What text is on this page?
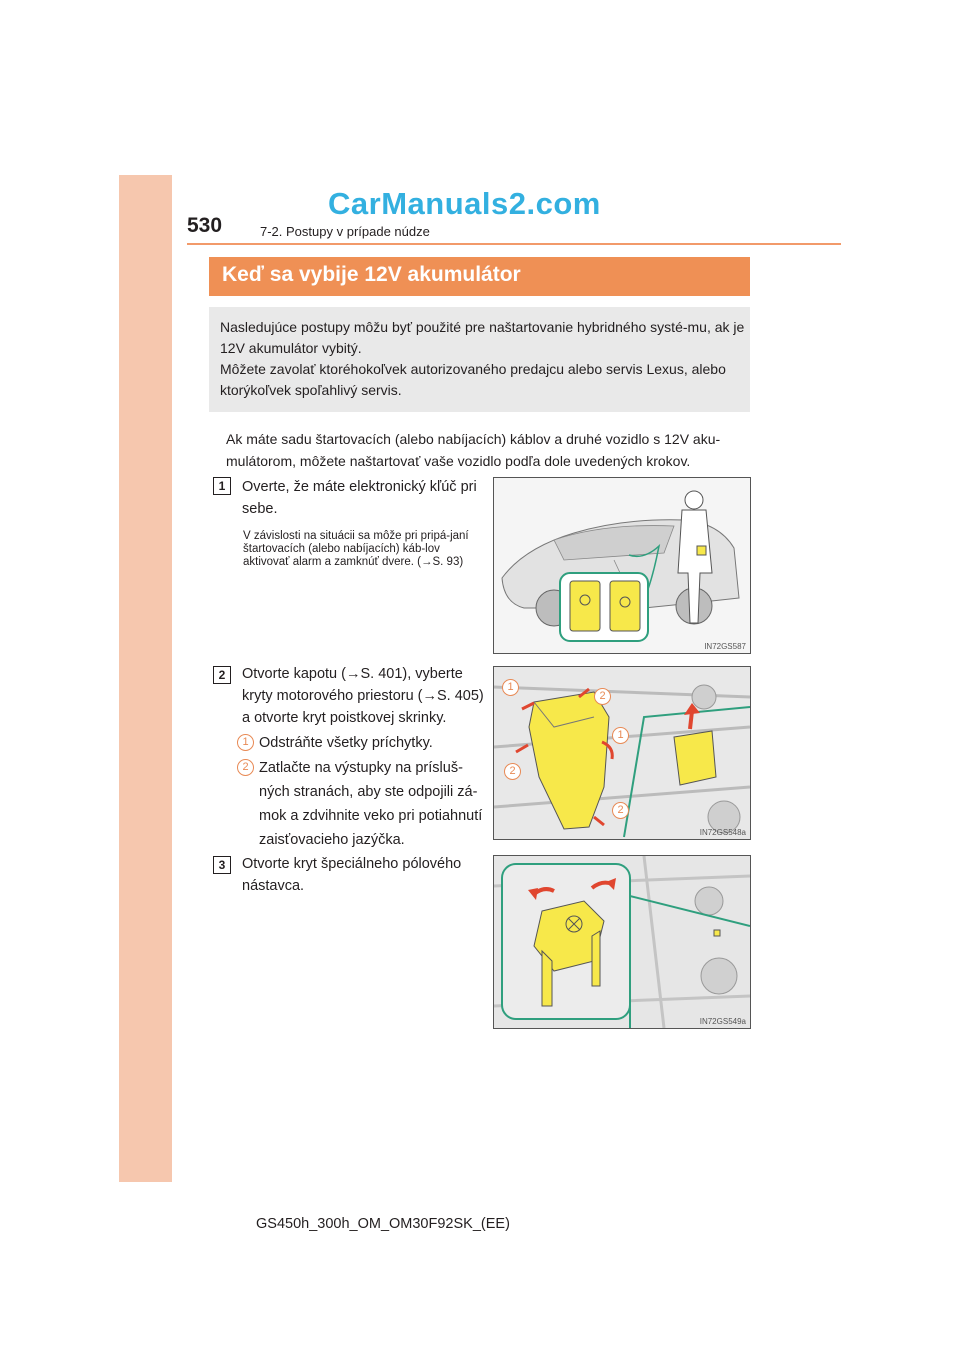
530	7-2. Postupy v prípade núdze
CarManuals2.com
Keď sa vybije 12V akumulátor
Nasledujúce postupy môžu byť použité pre naštartovanie hybridného systé-mu, ak je 12V akumulátor vybitý.
Môžete zavolať ktoréhokoľvek autorizovaného predajcu alebo servis Lexus, alebo ktorýkoľvek spoľahlivý servis.
Ak máte sadu štartovacích (alebo nabíjacích) káblov a druhé vozidlo s 12V aku-mulátorom, môžete naštartovať vaše vozidlo podľa dole uvedených krokov.
1	Overte, že máte elektronický kľúč pri sebe.
V závislosti na situácii sa môže pri pripá-janí štartovacích (alebo nabíjacích) káb-lov aktivovať alarm a zamknúť dvere. (→S. 93)
IN72GS587
2	Otvorte kapotu (→S. 401), vyberte kryty motorového priestoru (→S. 405) a otvorte kryt poistkovej skrinky.
1 Odstráňte všetky príchytky.
2 Zatlačte na výstupky na prísluš-ných stranách, aby ste odpojili zá-mok a zdvihnite veko pri potiahnutí zaisťovacieho jazýčka.
1
2
1
2
2
IN72GS548a
3	Otvorte kryt špeciálneho pólového nástavca.
IN72GS549a
GS450h_300h_OM_OM30F92SK_(EE)
